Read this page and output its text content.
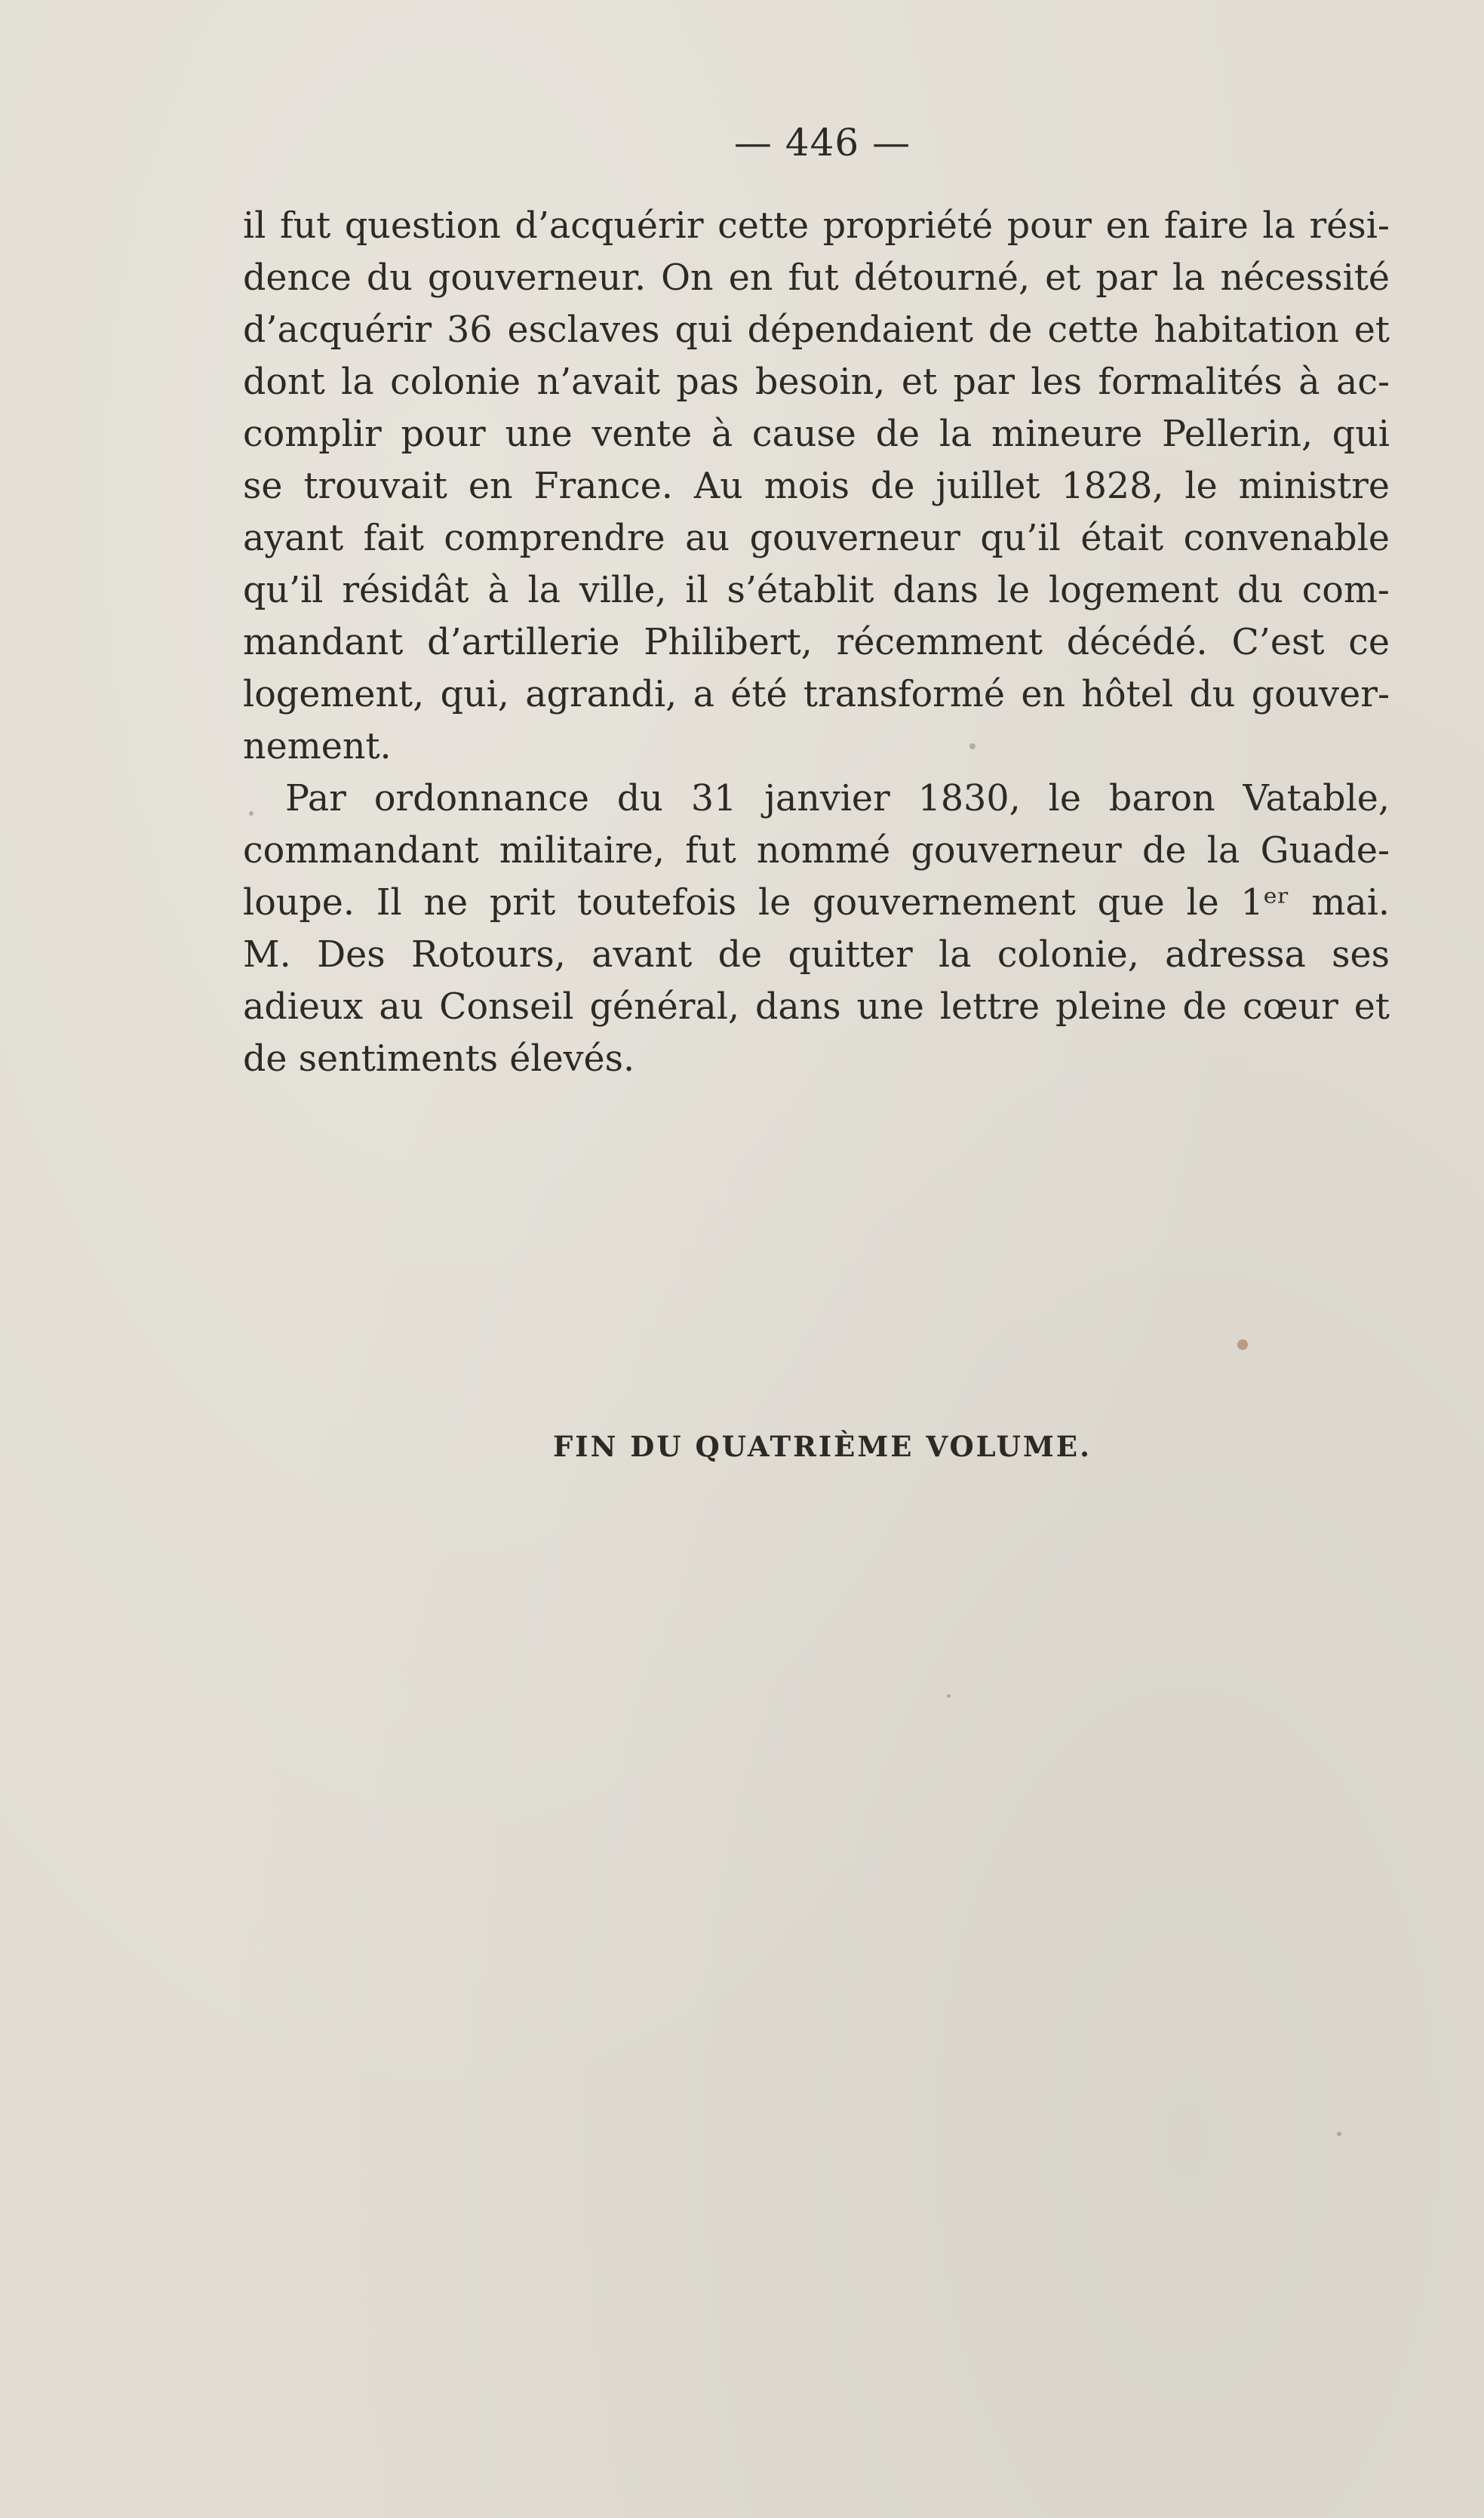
— 446 —
il fut question d’acquérir cette propriété pour en faire la rési-
dence du gouverneur. On en fut détourné, et par la nécessité
d’acquérir 36 esclaves qui dépendaient de cette habitation et
dont la colonie n’avait pas besoin, et par les formalités à ac-
complir pour une vente à cause de la mineure Pellerin, qui
se trouvait en France. Au mois de juillet 1828, le ministre
ayant fait comprendre au gouverneur qu’il était convenable
qu’il résidât à la ville, il s’établit dans le logement du com-
mandant d’artillerie Philibert, récemment décédé. C’est ce
logement, qui, agrandi, a été transformé en hôtel du gouver-
nement.
Par ordonnance du 31 janvier 1830, le baron Vatable,
commandant militaire, fut nommé gouverneur de la Guade-
loupe. Il ne prit toutefois le gouvernement que le 1ᵉʳ mai.
M. Des Rotours, avant de quitter la colonie, adressa ses
adieux au Conseil général, dans une lettre pleine de cœur et
de sentiments élevés.
FIN DU QUATRIÈME VOLUME.
